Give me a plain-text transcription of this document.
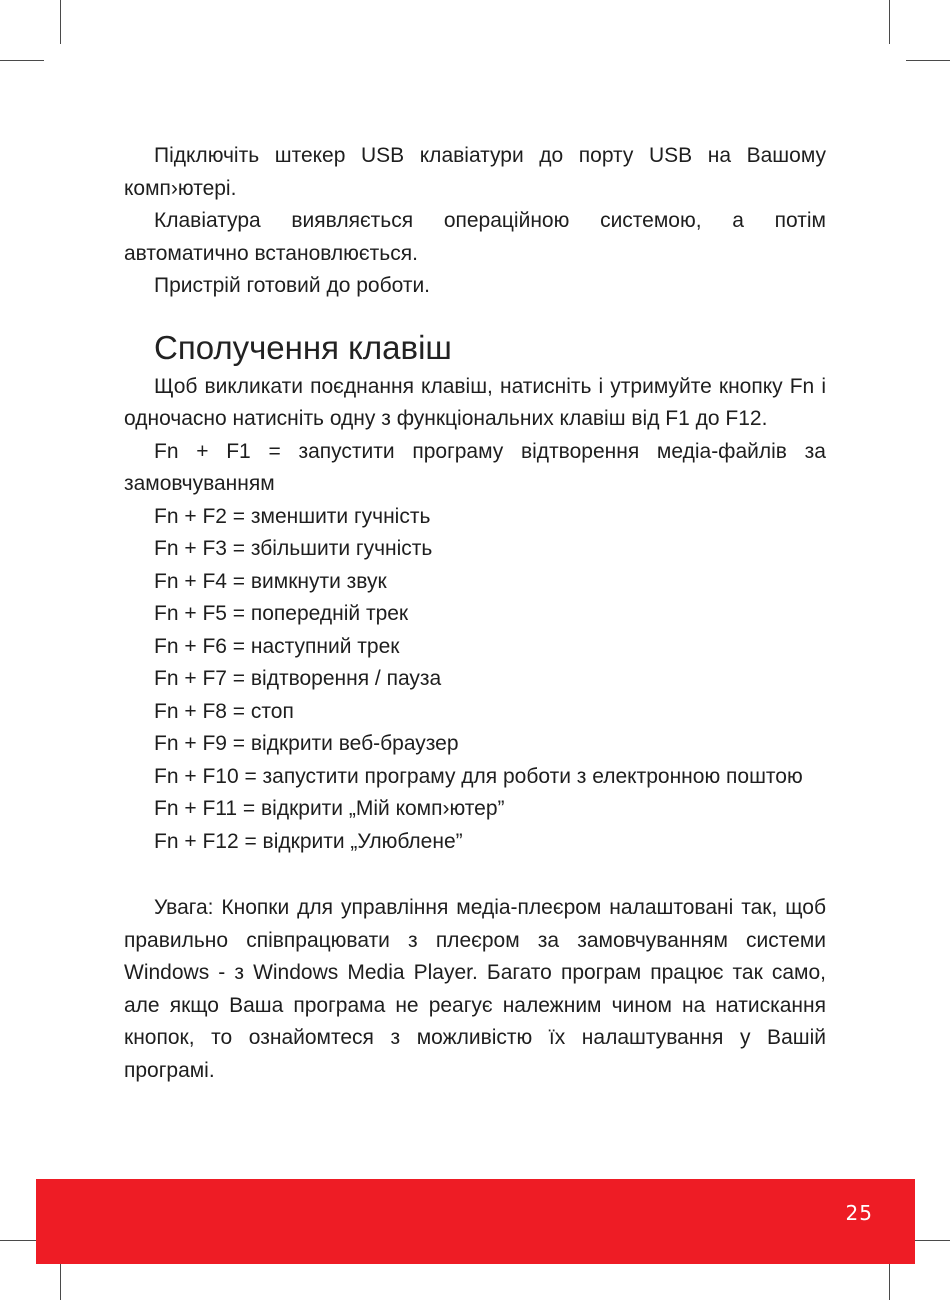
Підключіть штекер USB клавіатури до порту USB на Вашому комп›ютері.

Клавіатура виявляється операційною системою, а потім автоматично встановлюється.

Пристрій готовий до роботи.

Сполучення клавіш

Щоб викликати поєднання клавіш, натисніть і утримуйте кнопку Fn і одночасно натисніть одну з функціональних клавіш від F1 до F12.

Fn + F1 = запустити програму відтворення медіа-файлів за замовчуванням
Fn + F2 = зменшити гучність
Fn + F3 = збільшити гучність
Fn + F4 = вимкнути звук
Fn + F5 = попередній трек
Fn + F6 = наступний трек
Fn + F7 = відтворення / пауза
Fn + F8 = стоп
Fn + F9 = відкрити веб-браузер
Fn + F10 = запустити програму для роботи з електронною поштою
Fn + F11 = відкрити „Мій комп›ютер”
Fn + F12 = відкрити „Улюблене”

Увага: Кнопки для управління медіа-плеєром налаштовані так, щоб правильно співпрацювати з плеєром за замовчуванням системи Windows - з Windows Media Player. Багато програм працює так само, але якщо Ваша програма не реагує належним чином на натискання кнопок, то ознайомтеся з можливістю їх налаштування у Вашій програмі.

25
